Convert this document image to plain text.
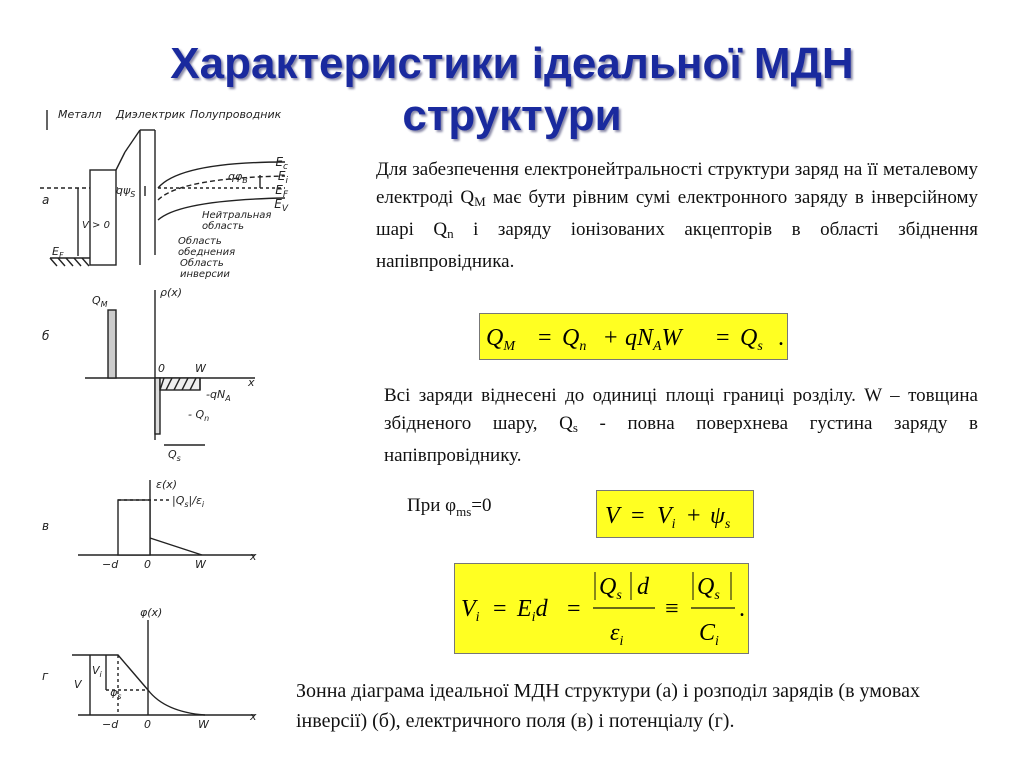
Характеристики ідеальної МДН
структури
Металл Диэлектрик Полупроводник
$E_c$
$E_i$
$E_F$
$E_V$
$E_F$
$q\varphi_B$
$q\psi_S$
V > 0
Нейтральная
область
Область
обеднения
Область
инверсии
а
б
в
г
$Q_M$
ρ(x)
0	W
x
$-qN_A$
- $Q_n$
$Q_s$
ε(x)
$|Q_s|/\varepsilon_i$
−d 0	W
x
φ(x)
V
$V_i$
$\varphi_s$
−d 0	W
x
Для забезпечення електронейтральності структури заряд на її металевому електроді $Q_M$ має бути рівним сумі електронного заряду в інверсійному шарі $Q_n$ і заряду іонізованих акцепторів в області збіднення напівпровідника.
$Q_M = Q_n + qN_AW = Q_s$ .
Всі заряди віднесені до одиниці площі границі розділу. W – товщина збідненого шару, $Q_s$ - повна поверхнева густина заряду в напівпровіднику.
При $\varphi_{ms}=0$	$V = V_i + \psi_s$
$V_i = E_id$ =
$Q_s$ d
$\varepsilon_i$
≡
$Q_s$
$C_i$
.
Зонна діаграма ідеальної МДН структури (а) і розподіл зарядів (в умовах інверсії) (б), електричного поля (в) і потенціалу (г).
